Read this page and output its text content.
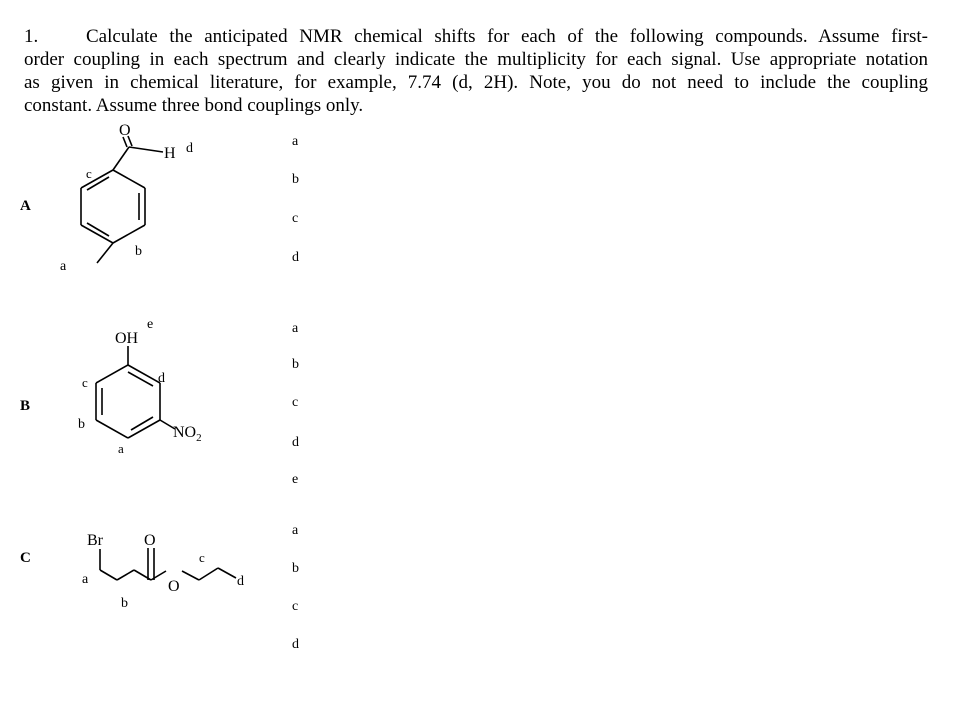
1.	Calculate the anticipated NMR chemical shifts for each of the following compounds. Assume first-
order coupling in each spectrum and clearly indicate the multiplicity for each signal. Use appropriate notation
as given in chemical literature, for example, 7.74 (d, 2H). Note, you do not need to include the coupling
constant. Assume three bond couplings only.
A
B
C
O
H d
c
b
a
OH
e
c	d
b
a
$NO_2$
Br	O
O
a
b
c
d
a
b
c
d
a
b
c
d
e
a
b
c
d
